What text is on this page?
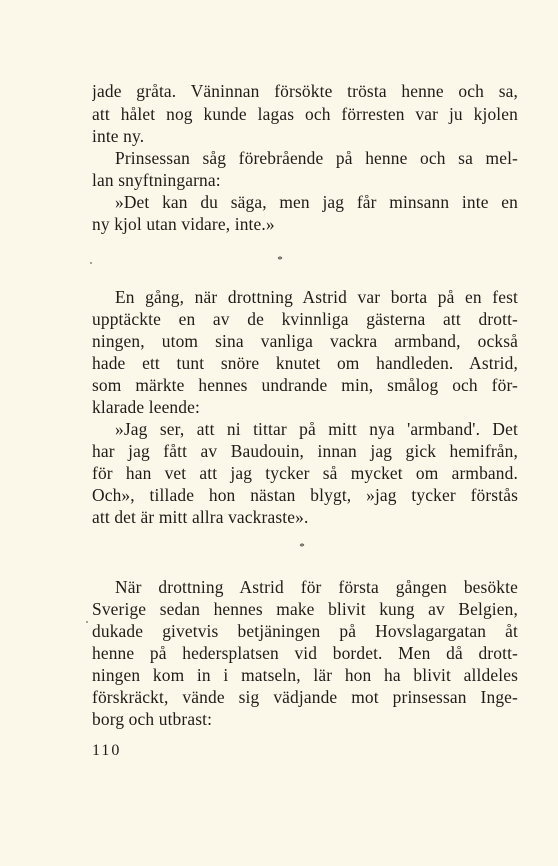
jade gråta. Väninnan försökte trösta henne och sa,
att hålet nog kunde lagas och förresten var ju kjolen
inte ny.
Prinsessan såg förebrående på henne och sa mel-
lan snyftningarna:
»Det kan du säga, men jag får minsann inte en
ny kjol utan vidare, inte.»
*
En gång, när drottning Astrid var borta på en fest
upptäckte en av de kvinnliga gästerna att drott-
ningen, utom sina vanliga vackra armband, också
hade ett tunt snöre knutet om handleden. Astrid,
som märkte hennes undrande min, smålog och för-
klarade leende:
»Jag ser, att ni tittar på mitt nya 'armband'. Det
har jag fått av Baudouin, innan jag gick hemifrån,
för han vet att jag tycker så mycket om armband.
Och», tillade hon nästan blygt, »jag tycker förstås
att det är mitt allra vackraste».
*
När drottning Astrid för första gången besökte
Sverige sedan hennes make blivit kung av Belgien,
dukade givetvis betjäningen på Hovslagargatan åt
henne på hedersplatsen vid bordet. Men då drott-
ningen kom in i matseln, lär hon ha blivit alldeles
förskräckt, vände sig vädjande mot prinsessan Inge-
borg och utbrast:
110
